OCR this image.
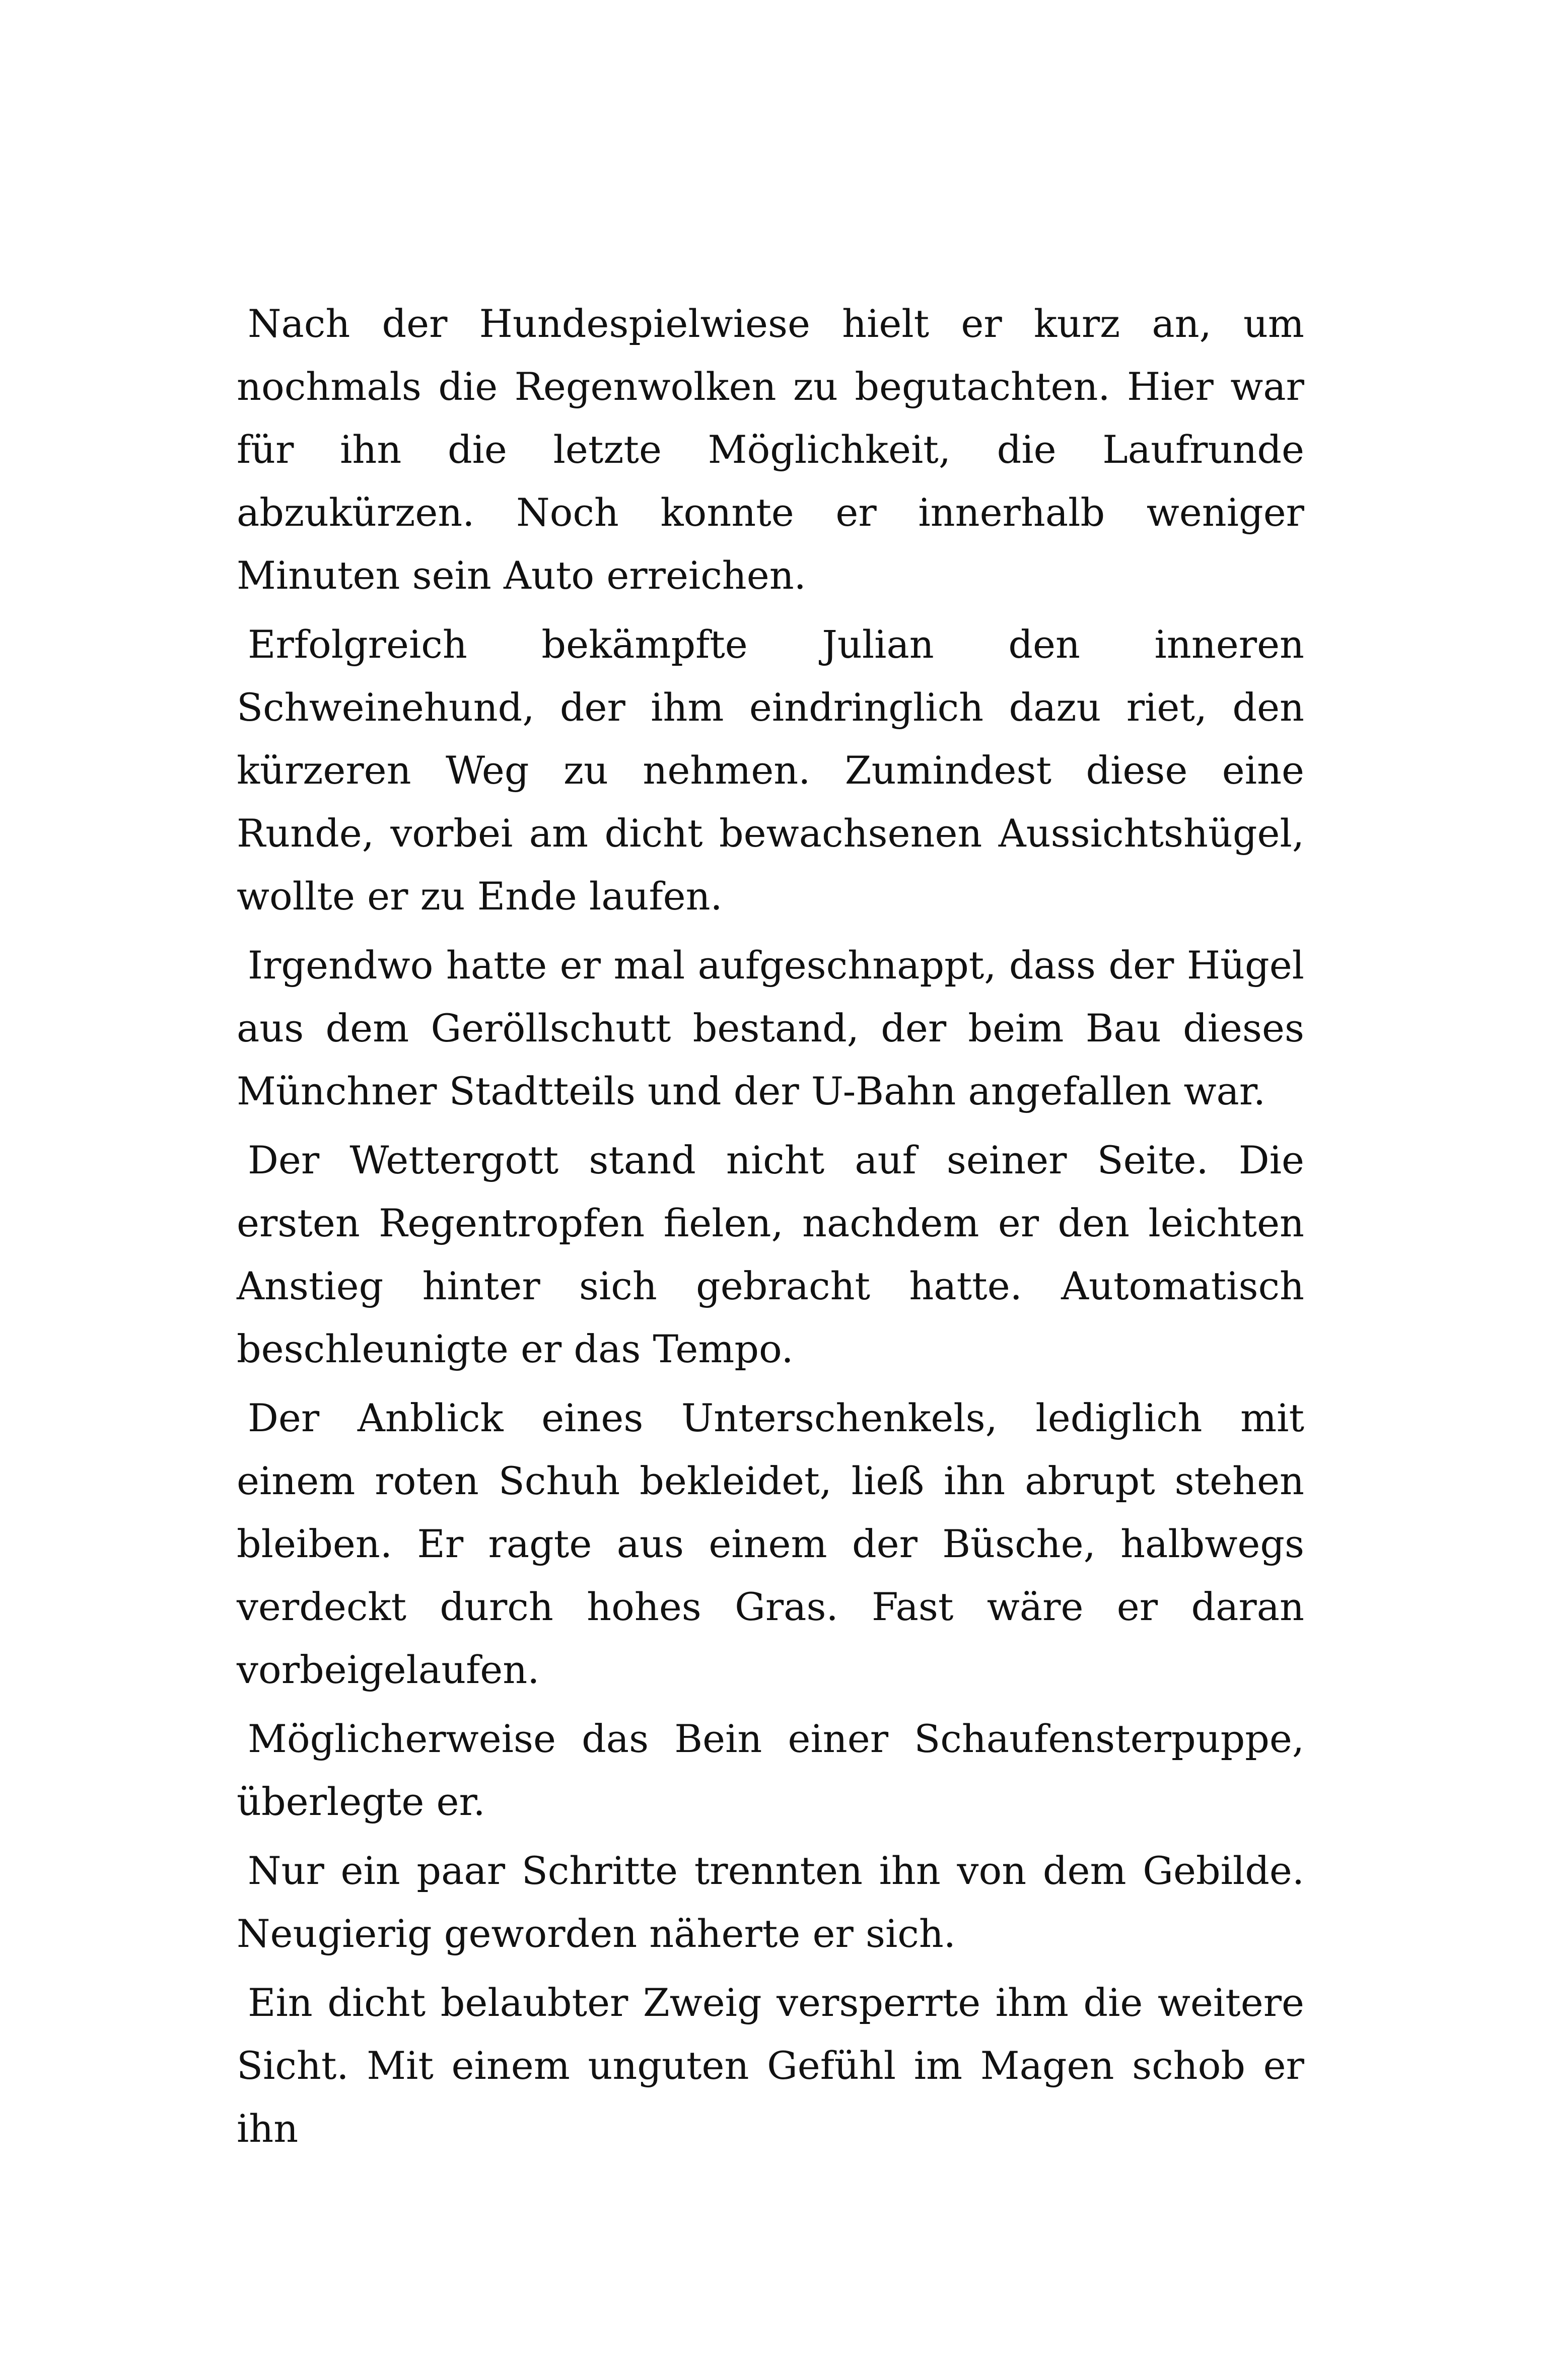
Nach der Hundespielwiese hielt er kurz an, um nochmals die Regenwolken zu begutachten. Hier war für ihn die letzte Möglichkeit, die Laufrunde abzukürzen. Noch konnte er innerhalb weniger Minuten sein Auto erreichen.

Erfolgreich bekämpfte Julian den inneren Schweinehund, der ihm eindringlich dazu riet, den kürzeren Weg zu nehmen. Zumindest diese eine Runde, vorbei am dicht bewachsenen Aussichtshügel, wollte er zu Ende laufen.

Irgendwo hatte er mal aufgeschnappt, dass der Hügel aus dem Geröllschutt bestand, der beim Bau dieses Münchner Stadtteils und der U-Bahn angefallen war.

Der Wettergott stand nicht auf seiner Seite. Die ersten Regentropfen fielen, nachdem er den leichten Anstieg hinter sich gebracht hatte. Automatisch beschleunigte er das Tempo.

Der Anblick eines Unterschenkels, lediglich mit einem roten Schuh bekleidet, ließ ihn abrupt stehen bleiben. Er ragte aus einem der Büsche, halbwegs verdeckt durch hohes Gras. Fast wäre er daran vorbeigelaufen.

Möglicherweise das Bein einer Schaufensterpuppe, überlegte er.

Nur ein paar Schritte trennten ihn von dem Gebilde. Neugierig geworden näherte er sich.

Ein dicht belaubter Zweig versperrte ihm die weitere Sicht. Mit einem unguten Gefühl im Magen schob er ihn
